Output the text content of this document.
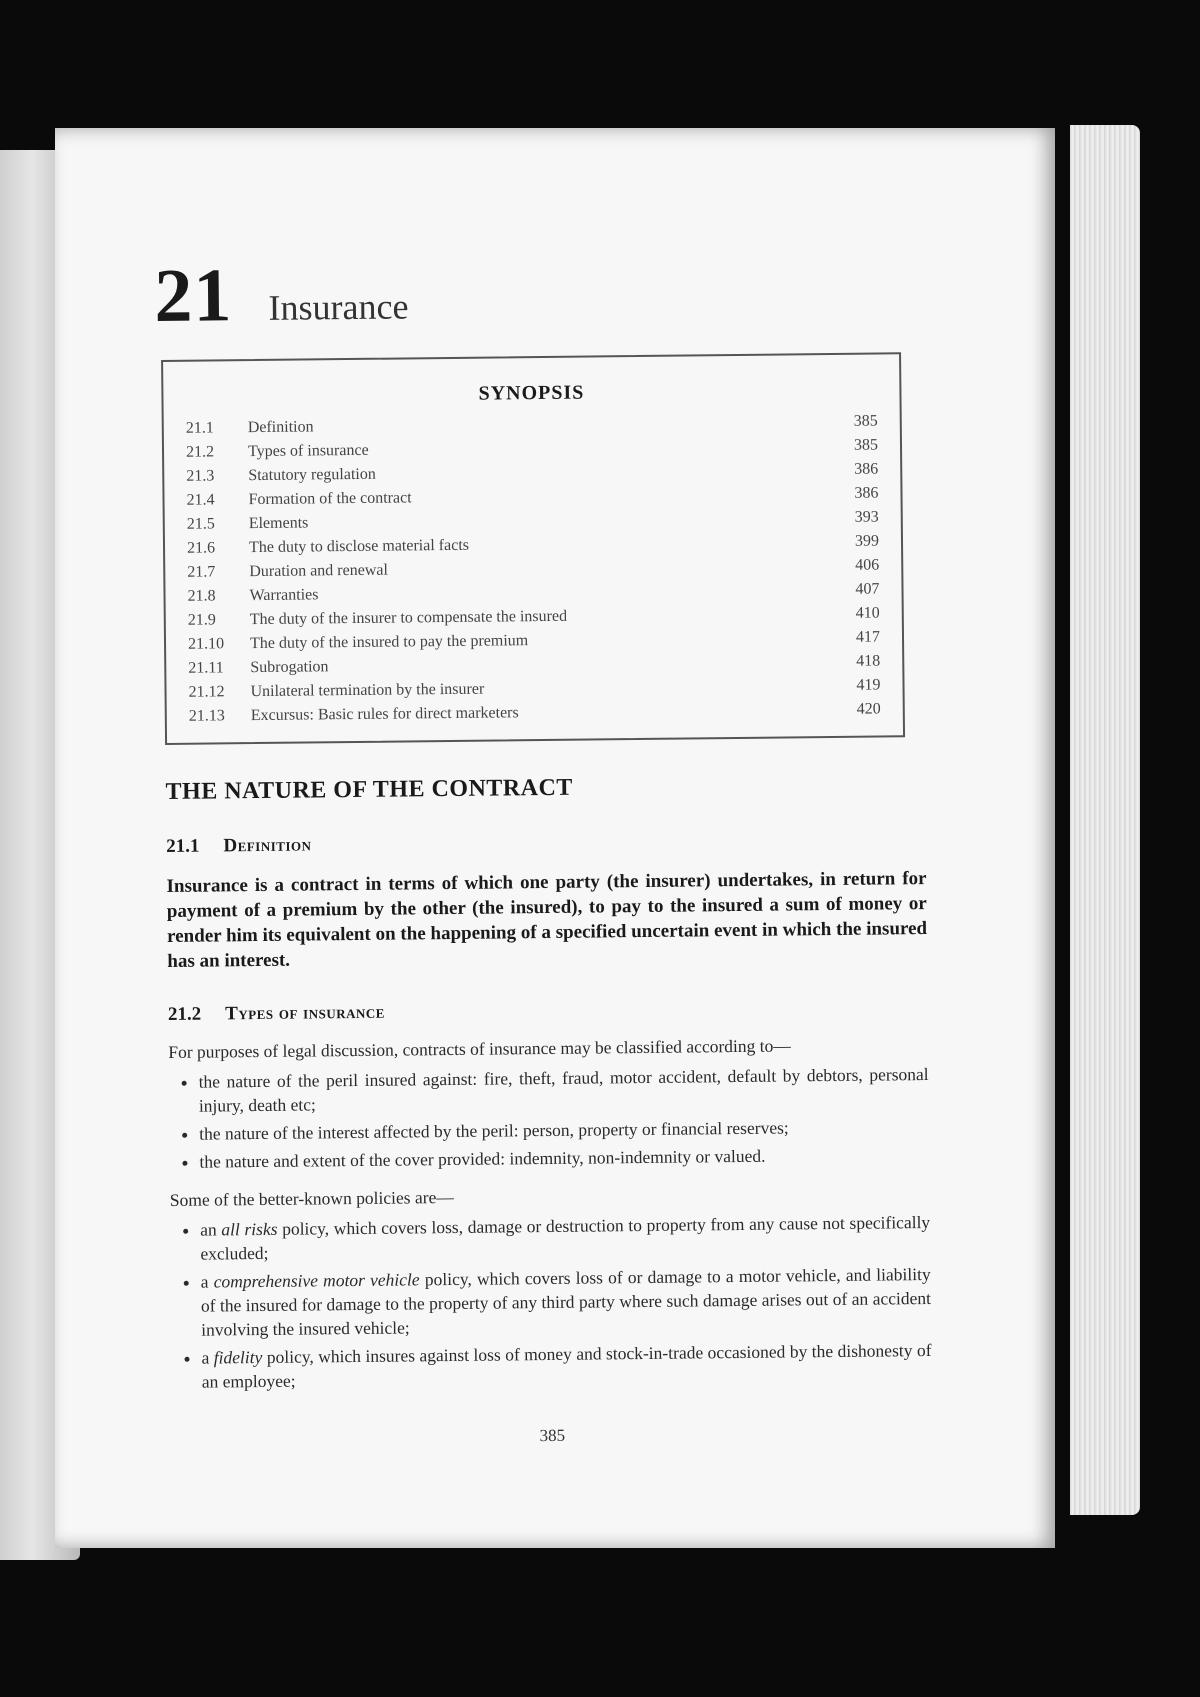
21 Insurance
SYNOPSIS
21.1	Definition	385
21.2	Types of insurance	385
21.3	Statutory regulation	386
21.4	Formation of the contract	386
21.5	Elements	393
21.6	The duty to disclose material facts	399
21.7	Duration and renewal	406
21.8	Warranties	407
21.9	The duty of the insurer to compensate the insured	410
21.10	The duty of the insured to pay the premium	417
21.11	Subrogation	418
21.12	Unilateral termination by the insurer	419
21.13	Excursus: Basic rules for direct marketers	420
THE NATURE OF THE CONTRACT
21.1 Definition
Insurance is a contract in terms of which one party (the insurer) undertakes, in return for payment of a premium by the other (the insured), to pay to the insured a sum of money or render him its equivalent on the happening of a specified uncertain event in which the insured has an interest.
21.2 Types of insurance

For purposes of legal discussion, contracts of insurance may be classified according to—

• the nature of the peril insured against: fire, theft, fraud, motor accident, default by debtors, personal injury, death etc;
• the nature of the interest affected by the peril: person, property or financial reserves;
• the nature and extent of the cover provided: indemnity, non-indemnity or valued.

Some of the better-known policies are—

• an all risks policy, which covers loss, damage or destruction to property from any cause not specifically excluded;
• a comprehensive motor vehicle policy, which covers loss of or damage to a motor vehicle, and liability of the insured for damage to the property of any third party where such damage arises out of an accident involving the insured vehicle;
• a fidelity policy, which insures against loss of money and stock-in-trade occasioned by the dishonesty of an employee;
385
